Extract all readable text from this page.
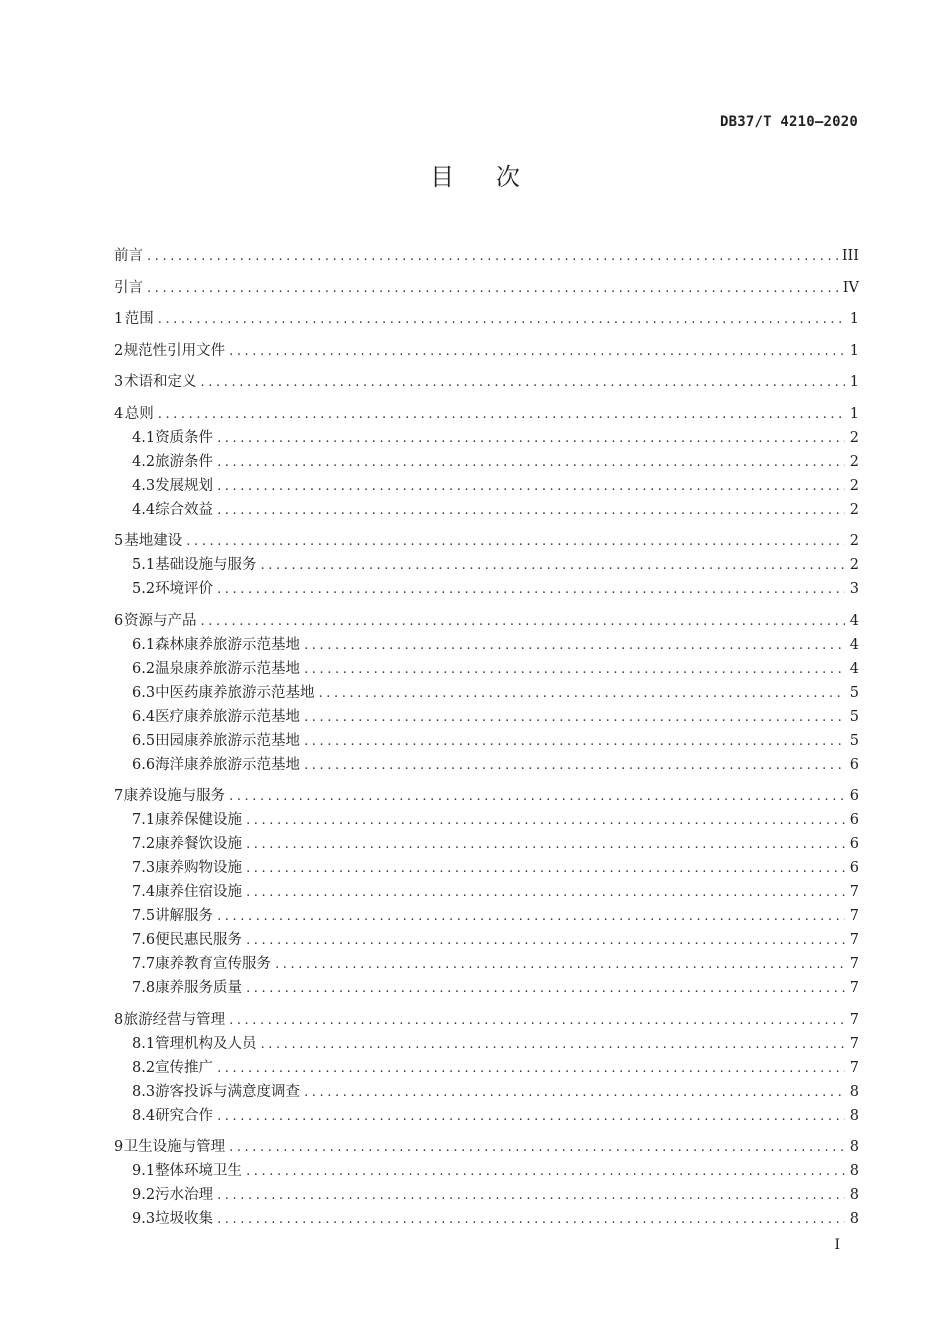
DB37/T 4210—2020
目 次
前言 .....	III
引言 .....	IV
1 范围 .....	1
2 规范性引用文件 .....	1
3 术语和定义 .....	1
4 总则 .....	1
4.1 资质条件 .....	2
4.2 旅游条件 .....	2
4.3 发展规划 .....	2
4.4 综合效益 .....	2
5 基地建设 .....	2
5.1 基础设施与服务 .....	2
5.2 环境评价 .....	3
6 资源与产品 .....	4
6.1 森林康养旅游示范基地 .....	4
6.2 温泉康养旅游示范基地 .....	4
6.3 中医药康养旅游示范基地 .....	5
6.4 医疗康养旅游示范基地 .....	5
6.5 田园康养旅游示范基地 .....	5
6.6 海洋康养旅游示范基地 .....	6
7 康养设施与服务 .....	6
7.1 康养保健设施 .....	6
7.2 康养餐饮设施 .....	6
7.3 康养购物设施 .....	6
7.4 康养住宿设施 .....	7
7.5 讲解服务 .....	7
7.6 便民惠民服务 .....	7
7.7 康养教育宣传服务 .....	7
7.8 康养服务质量 .....	7
8 旅游经营与管理 .....	7
8.1 管理机构及人员 .....	7
8.2 宣传推广 .....	7
8.3 游客投诉与满意度调查 .....	8
8.4 研究合作 .....	8
9 卫生设施与管理 .....	8
9.1 整体环境卫生 .....	8
9.2 污水治理 .....	8
9.3 垃圾收集 .....	8
I
